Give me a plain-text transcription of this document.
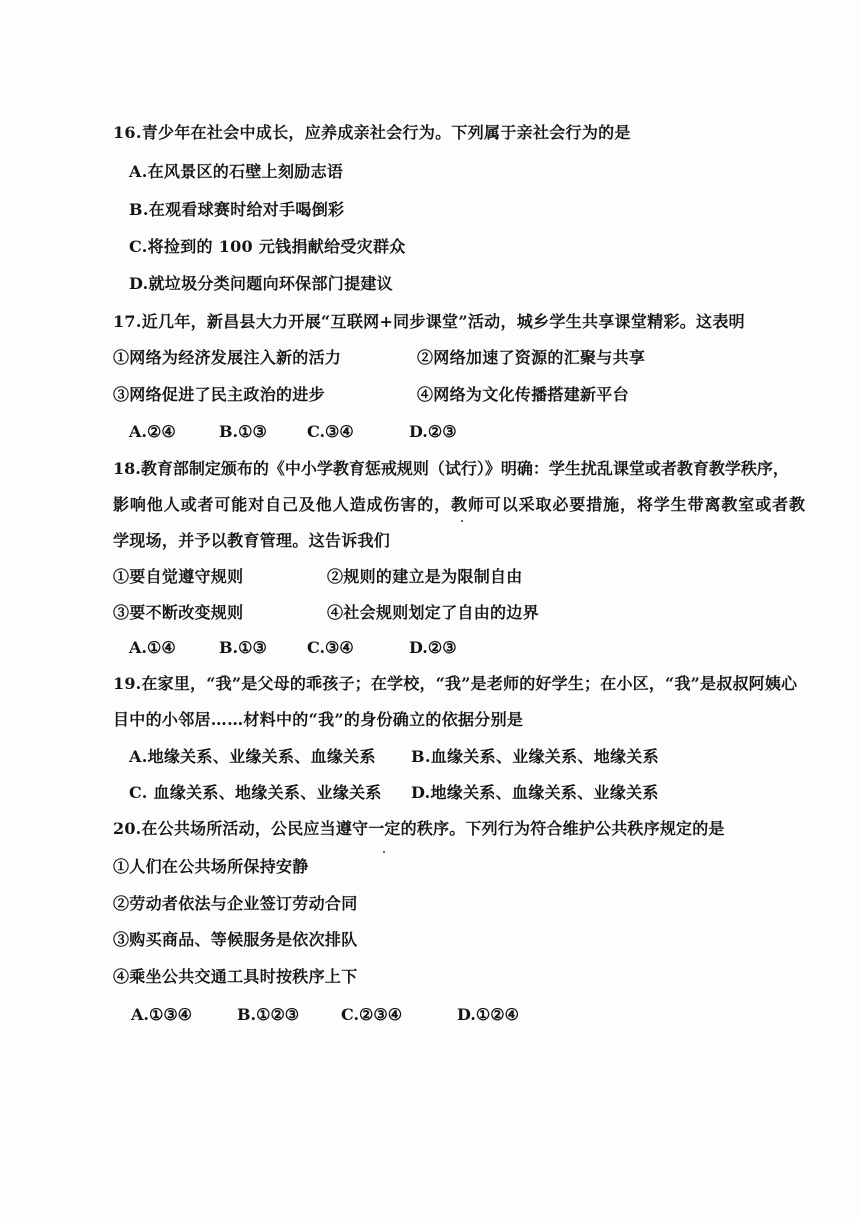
16.青少年在社会中成长，应养成亲社会行为。下列属于亲社会行为的是
A.在风景区的石壁上刻励志语
B.在观看球赛时给对手喝倒彩
C.将捡到的 100 元钱捐献给受灾群众
D.就垃圾分类问题向环保部门提建议
17.近几年，新昌县大力开展“互联网+同步课堂”活动，城乡学生共享课堂精彩。这表明
①网络为经济发展注入新的活力	②网络加速了资源的汇聚与共享
③网络促进了民主政治的进步	④网络为文化传播搭建新平台
A.②④	B.①③	C.③④	D.②③
18.教育部制定颁布的《中小学教育惩戒规则（试行）》明确：学生扰乱课堂或者教育教学秩序，
影响他人或者可能对自己及他人造成伤害的，教师可以采取必要措施，将学生带离教室或者教
学现场，并予以教育管理。这告诉我们
①要自觉遵守规则	②规则的建立是为限制自由
③要不断改变规则	④社会规则划定了自由的边界
A.①④	B.①③	C.③④	D.②③
19.在家里，“我”是父母的乖孩子；在学校，“我”是老师的好学生；在小区，“我”是叔叔阿姨心
目中的小邻居……材料中的“我”的身份确立的依据分别是
A.地缘关系、业缘关系、血缘关系 B.血缘关系、业缘关系、地缘关系
C. 血缘关系、地缘关系、业缘关系 D.地缘关系、血缘关系、业缘关系
20.在公共场所活动，公民应当遵守一定的秩序。下列行为符合维护公共秩序规定的是
①人们在公共场所保持安静
②劳动者依法与企业签订劳动合同
③购买商品、等候服务是依次排队
④乘坐公共交通工具时按秩序上下
A.①③④	B.①②③	C.②③④	D.①②④
